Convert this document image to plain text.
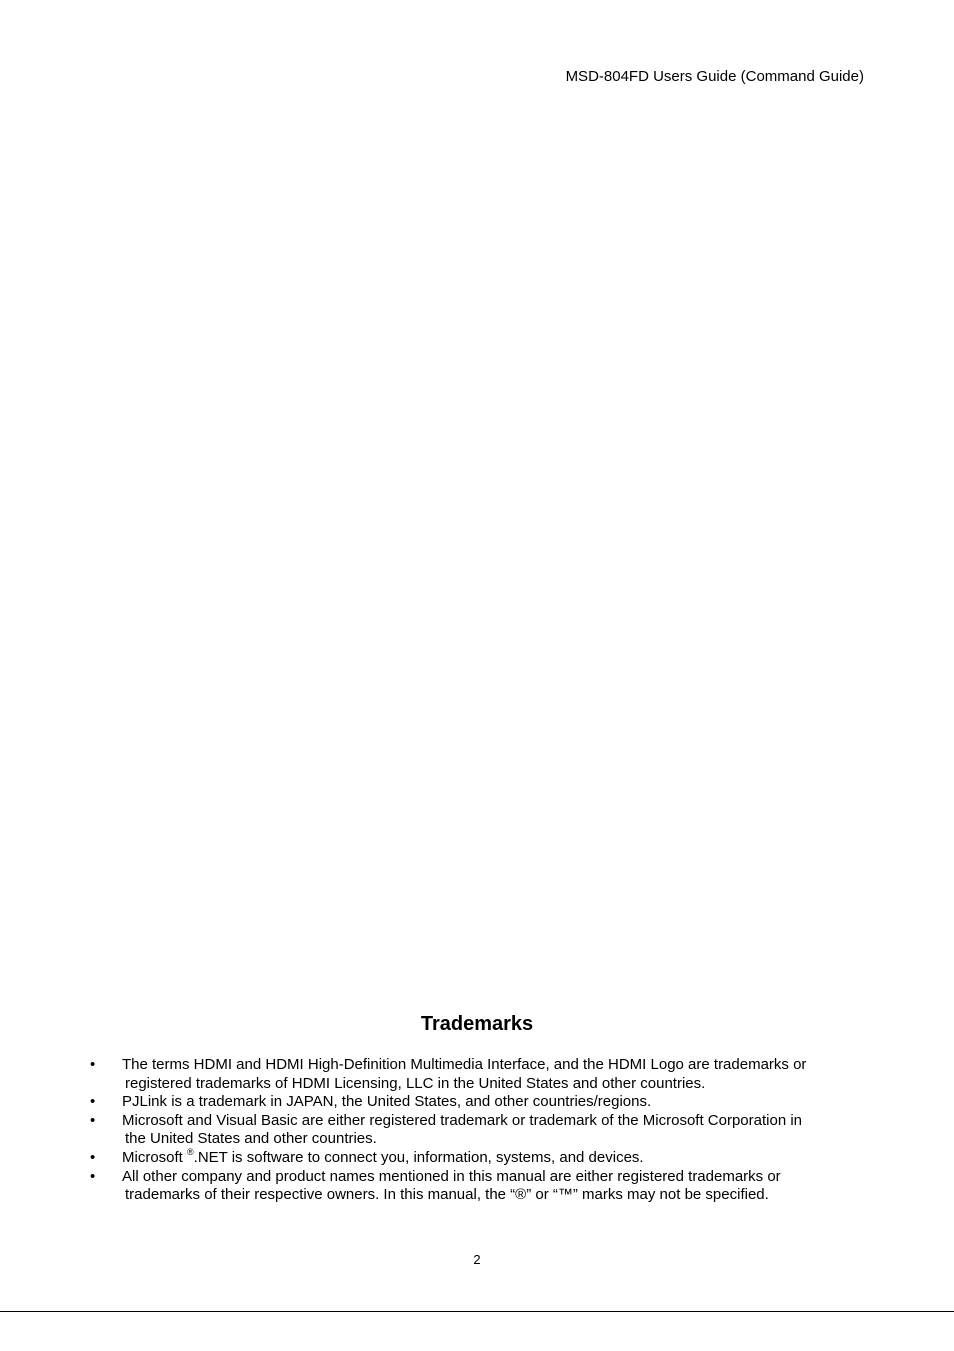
MSD-804FD Users Guide (Command Guide)
Trademarks
• The terms HDMI and HDMI High-Definition Multimedia Interface, and the HDMI Logo are trademarks or
registered trademarks of HDMI Licensing, LLC in the United States and other countries.
• PJLink is a trademark in JAPAN, the United States, and other countries/regions.
• Microsoft and Visual Basic are either registered trademark or trademark of the Microsoft Corporation in
the United States and other countries.
• Microsoft ®.NET is software to connect you, information, systems, and devices.
• All other company and product names mentioned in this manual are either registered trademarks or
trademarks of their respective owners. In this manual, the “®” or “™” marks may not be specified.
2
